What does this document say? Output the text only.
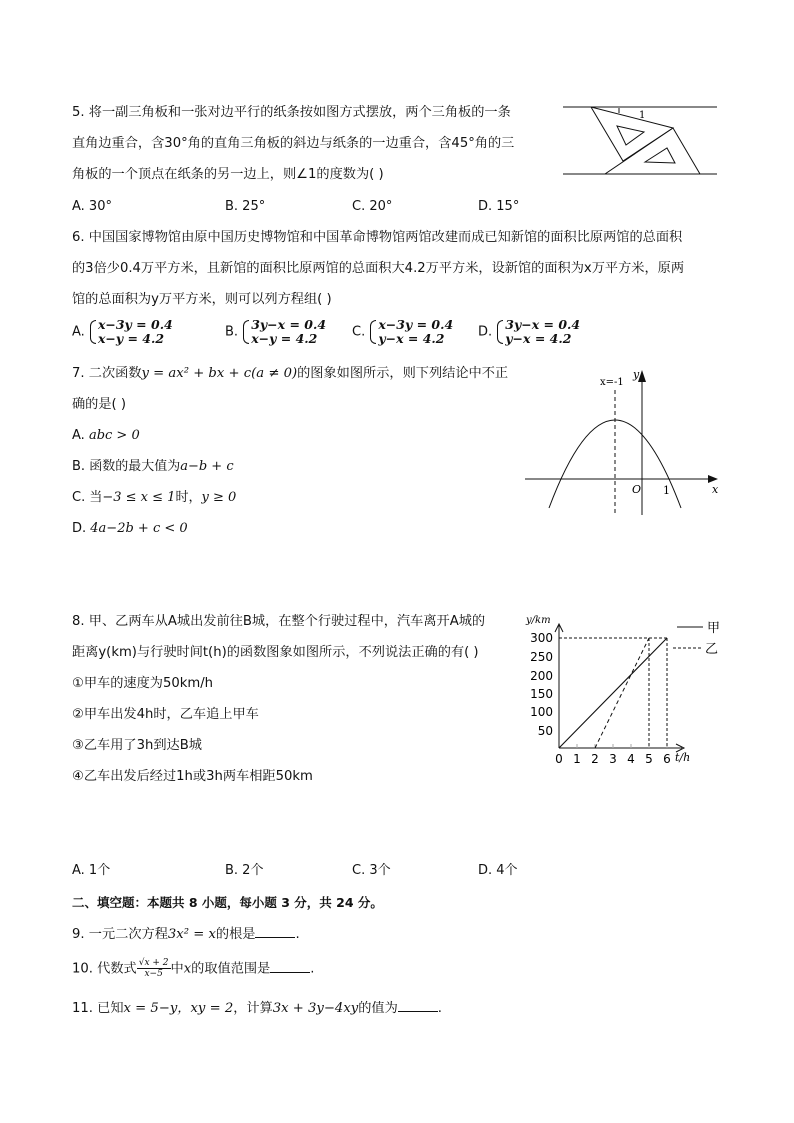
5. 将一副三角板和一张对边平行的纸条按如图方式摆放，两个三角板的一条
直角边重合，含30°角的直角三角板的斜边与纸条的一边重合，含45°角的三
角板的一个顶点在纸条的另一边上，则∠1的度数为( )
A. 30°	B. 25°	C. 20°	D. 15°
1
6. 中国国家博物馆由原中国历史博物馆和中国革命博物馆两馆改建而成已知新馆的面积比原两馆的总面积
的3倍少0.4万平方米，且新馆的面积比原两馆的总面积大4.2万平方米，设新馆的面积为x万平方米，原两
馆的总面积为y万平方米，则可以列方程组( )
A. x−3y = 0.4
x−y = 4.2	B. 3y−x = 0.4
x−y = 4.2	C. x−3y = 0.4
y−x = 4.2	D. 3y−x = 0.4
y−x = 4.2
7. 二次函数y = ax² + bx + c(a ≠ 0)的图象如图所示，则下列结论中不正
确的是( )
A. abc > 0
B. 函数的最大值为a−b + c
C. 当−3 ≤ x ≤ 1时，y ≥ 0
D. 4a−2b + c < 0
y
x
O 1
x=-1
8. 甲、乙两车从A城出发前往B城，在整个行驶过程中，汽车离开A城的
距离y(km)与行驶时间t(h)的函数图象如图所示，不列说法正确的有( )
①甲车的速度为50km/h
②甲车出发4h时，乙车追上甲车
③乙车用了3h到达B城
④乙车出发后经过1h或3h两车相距50km
300
250
200
150
100
50
0 1 2 3 4 5 6 t/h
y/km
甲
乙
A. 1个	B. 2个	C. 3个	D. 4个
二、填空题：本题共 8 小题，每小题 3 分，共 24 分。
9. 一元二次方程3x² = x的根是	.
10. 代数式 $\frac{√x + 2}{x-5}$ 中x的取值范围是	.
11. 已知x = 5−y，xy = 2，计算3x + 3y−4xy的值为	.
